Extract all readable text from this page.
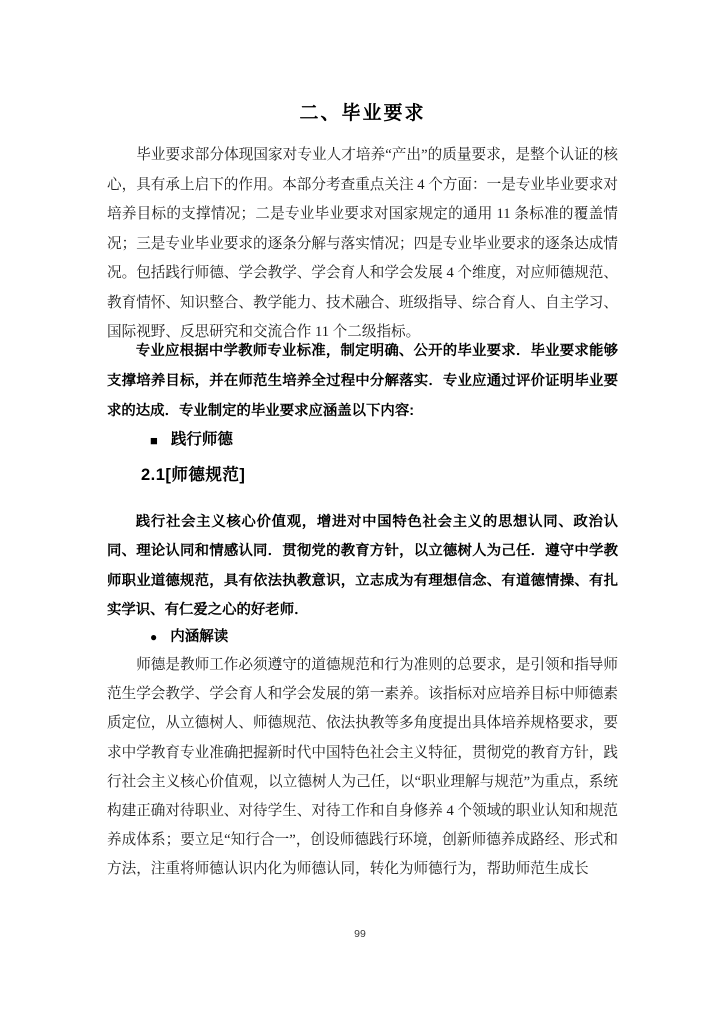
二、毕业要求

毕业要求部分体现国家对专业人才培养“产出”的质量要求，是整个认证的核心，具有承上启下的作用。本部分考查重点关注 4 个方面：一是专业毕业要求对培养目标的支撑情况；二是专业毕业要求对国家规定的通用 11 条标准的覆盖情况；三是专业毕业要求的逐条分解与落实情况；四是专业毕业要求的逐条达成情况。包括践行师德、学会教学、学会育人和学会发展 4 个维度，对应师德规范、教育情怀、知识整合、教学能力、技术融合、班级指导、综合育人、自主学习、国际视野、反思研究和交流合作 11 个二级指标。

专业应根据中学教师专业标准，制定明确、公开的毕业要求．毕业要求能够支撑培养目标，并在师范生培养全过程中分解落实．专业应通过评价证明毕业要求的达成．专业制定的毕业要求应涵盖以下内容:

■ 践行师德
2.1[师德规范]

践行社会主义核心价值观，增进对中国特色社会主义的思想认同、政治认同、理论认同和情感认同．贯彻党的教育方针，以立德树人为己任．遵守中学教师职业道德规范，具有依法执教意识，立志成为有理想信念、有道德情操、有扎实学识、有仁爱之心的好老师．

● 内涵解读

师德是教师工作必须遵守的道德规范和行为准则的总要求，是引领和指导师范生学会教学、学会育人和学会发展的第一素养。该指标对应培养目标中师德素质定位，从立德树人、师德规范、依法执教等多角度提出具体培养规格要求，要求中学教育专业准确把握新时代中国特色社会主义特征，贯彻党的教育方针，践行社会主义核心价值观，以立德树人为己任，以“职业理解与规范”为重点，系统构建正确对待职业、对待学生、对待工作和自身修养 4 个领域的职业认知和规范养成体系；要立足“知行合一”，创设师德践行环境，创新师德养成路经、形式和方法，注重将师德认识内化为师德认同，转化为师德行为，帮助师范生成长

99
